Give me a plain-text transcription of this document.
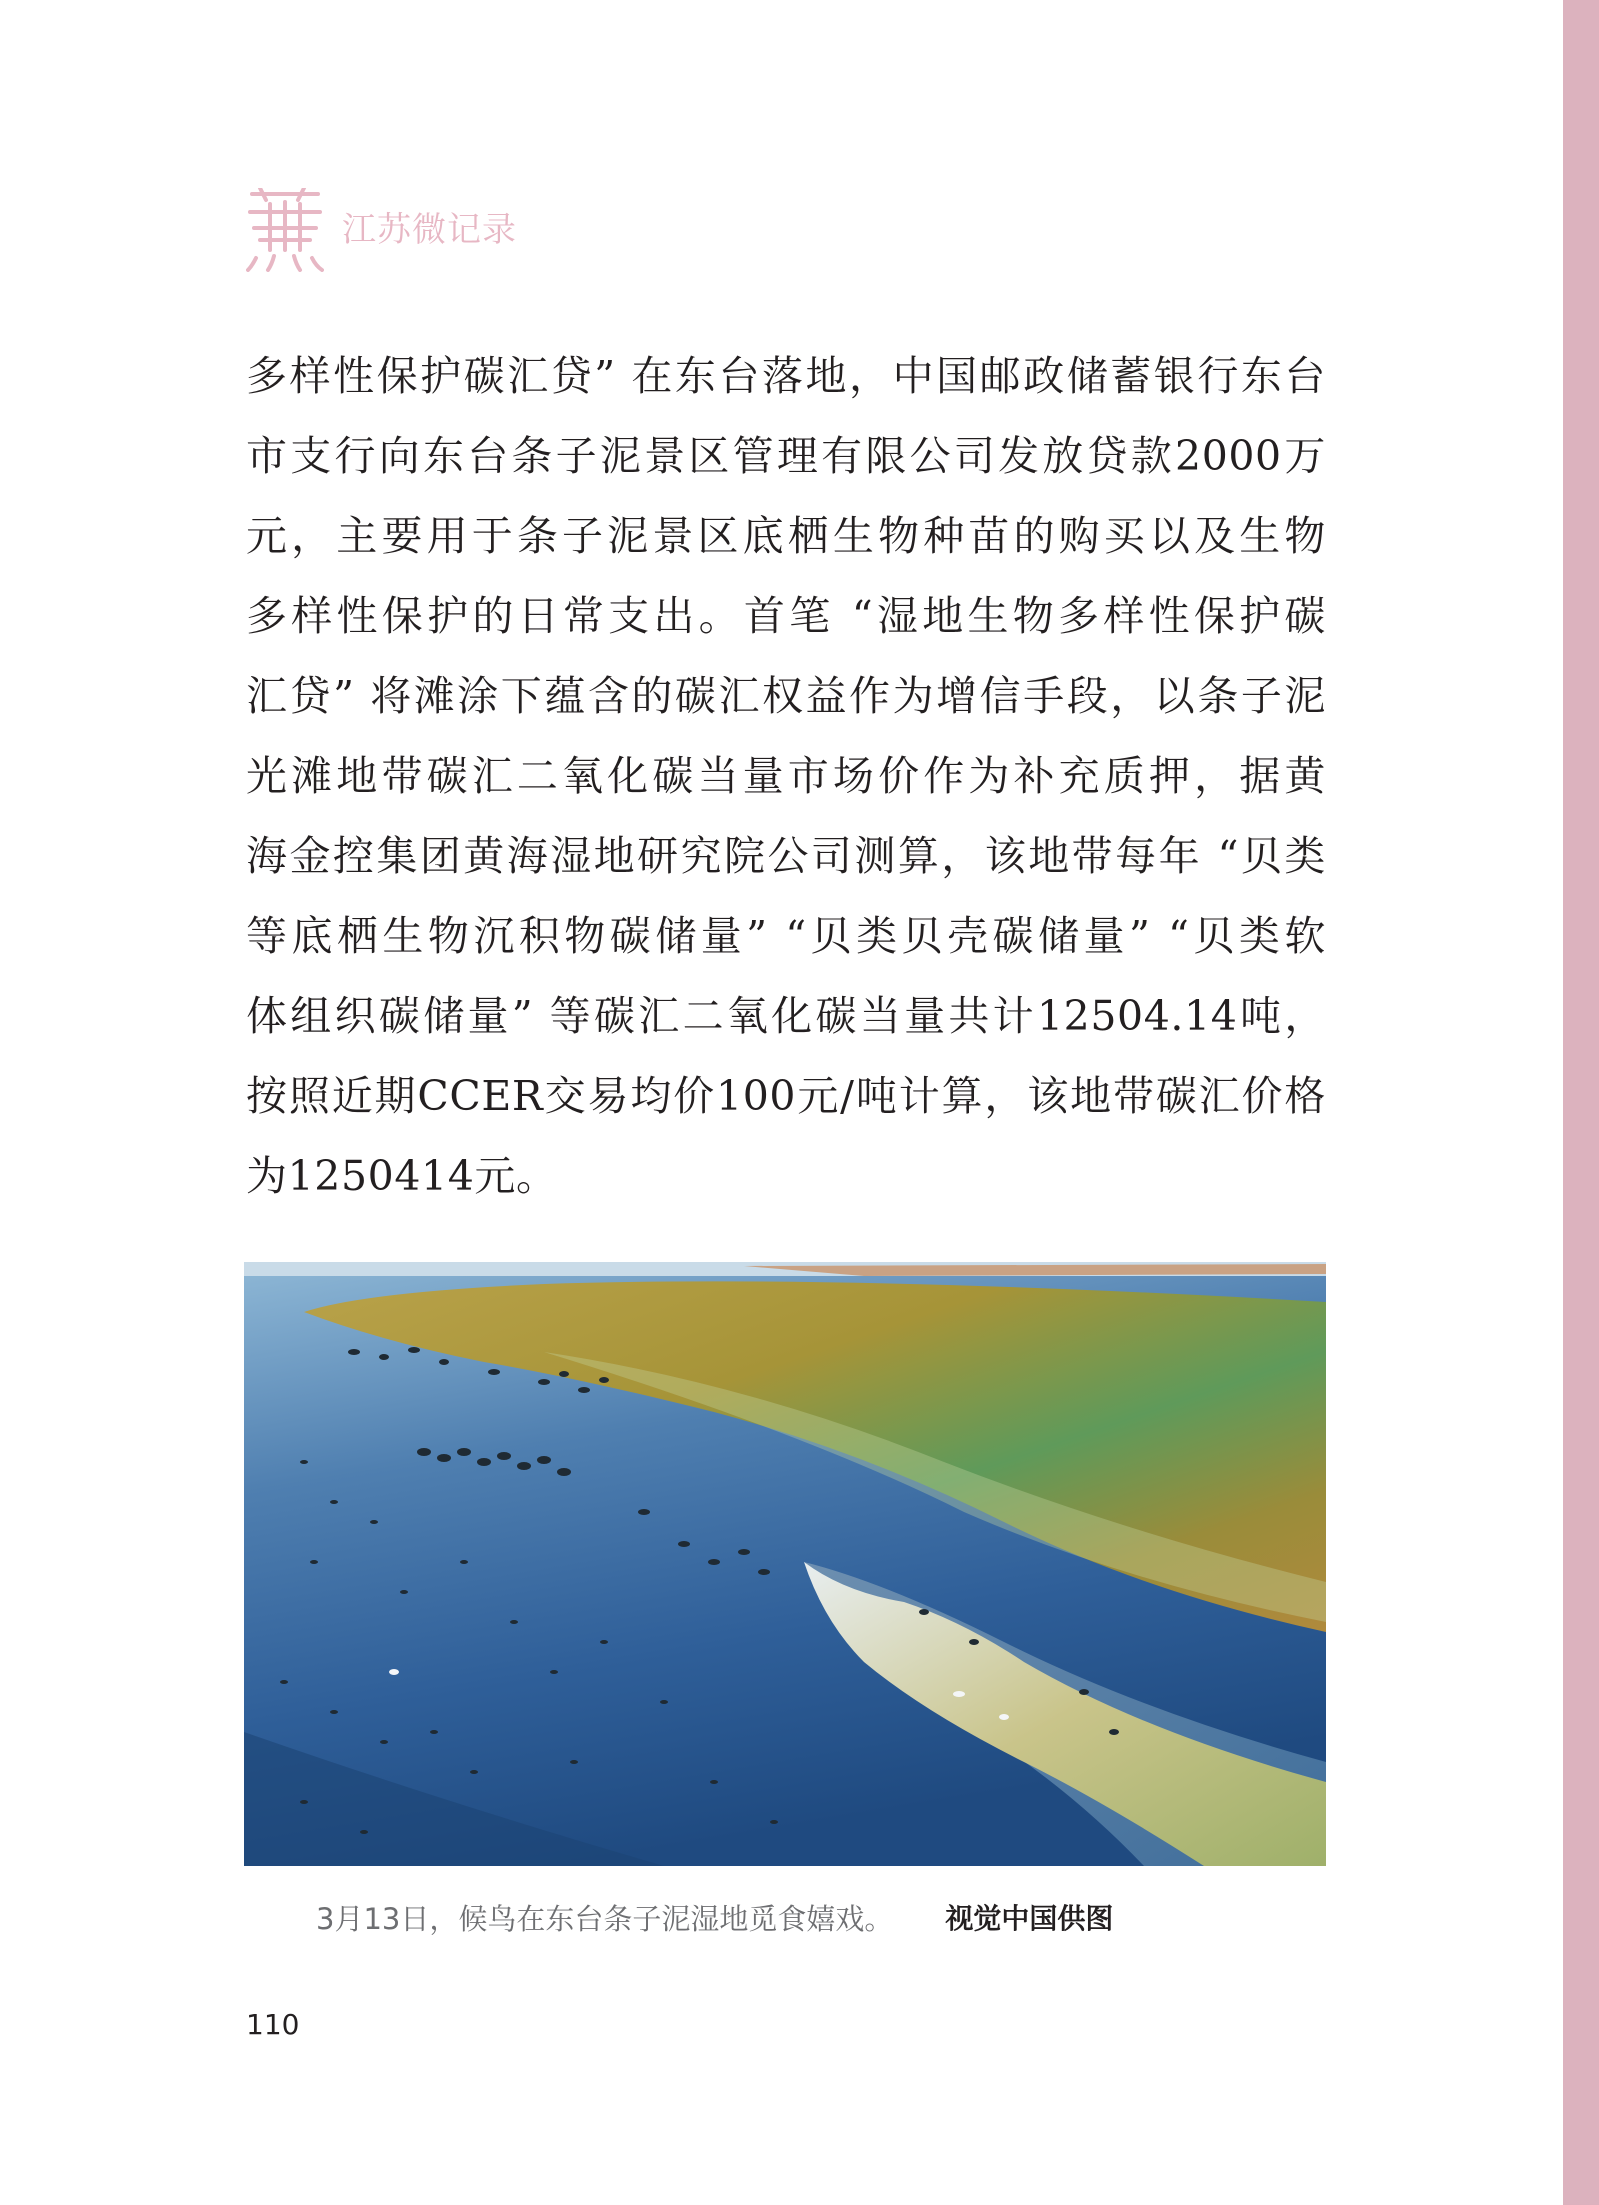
江苏微记录
多样性保护碳汇贷” 在东台落地，中国邮政储蓄银行东台
市支行向东台条子泥景区管理有限公司发放贷款2000万
元，主要用于条子泥景区底栖生物种苗的购买以及生物
多样性保护的日常支出。首笔 “湿地生物多样性保护碳
汇贷” 将滩涂下蕴含的碳汇权益作为增信手段，以条子泥
光滩地带碳汇二氧化碳当量市场价作为补充质押，据黄
海金控集团黄海湿地研究院公司测算，该地带每年 “贝类
等底栖生物沉积物碳储量” “贝类贝壳碳储量” “贝类软
体组织碳储量” 等碳汇二氧化碳当量共计12504.14吨，
按照近期CCER交易均价100元/吨计算，该地带碳汇价格
为1250414元。
3月13日，候鸟在东台条子泥湿地觅食嬉戏。 视觉中国供图
110
